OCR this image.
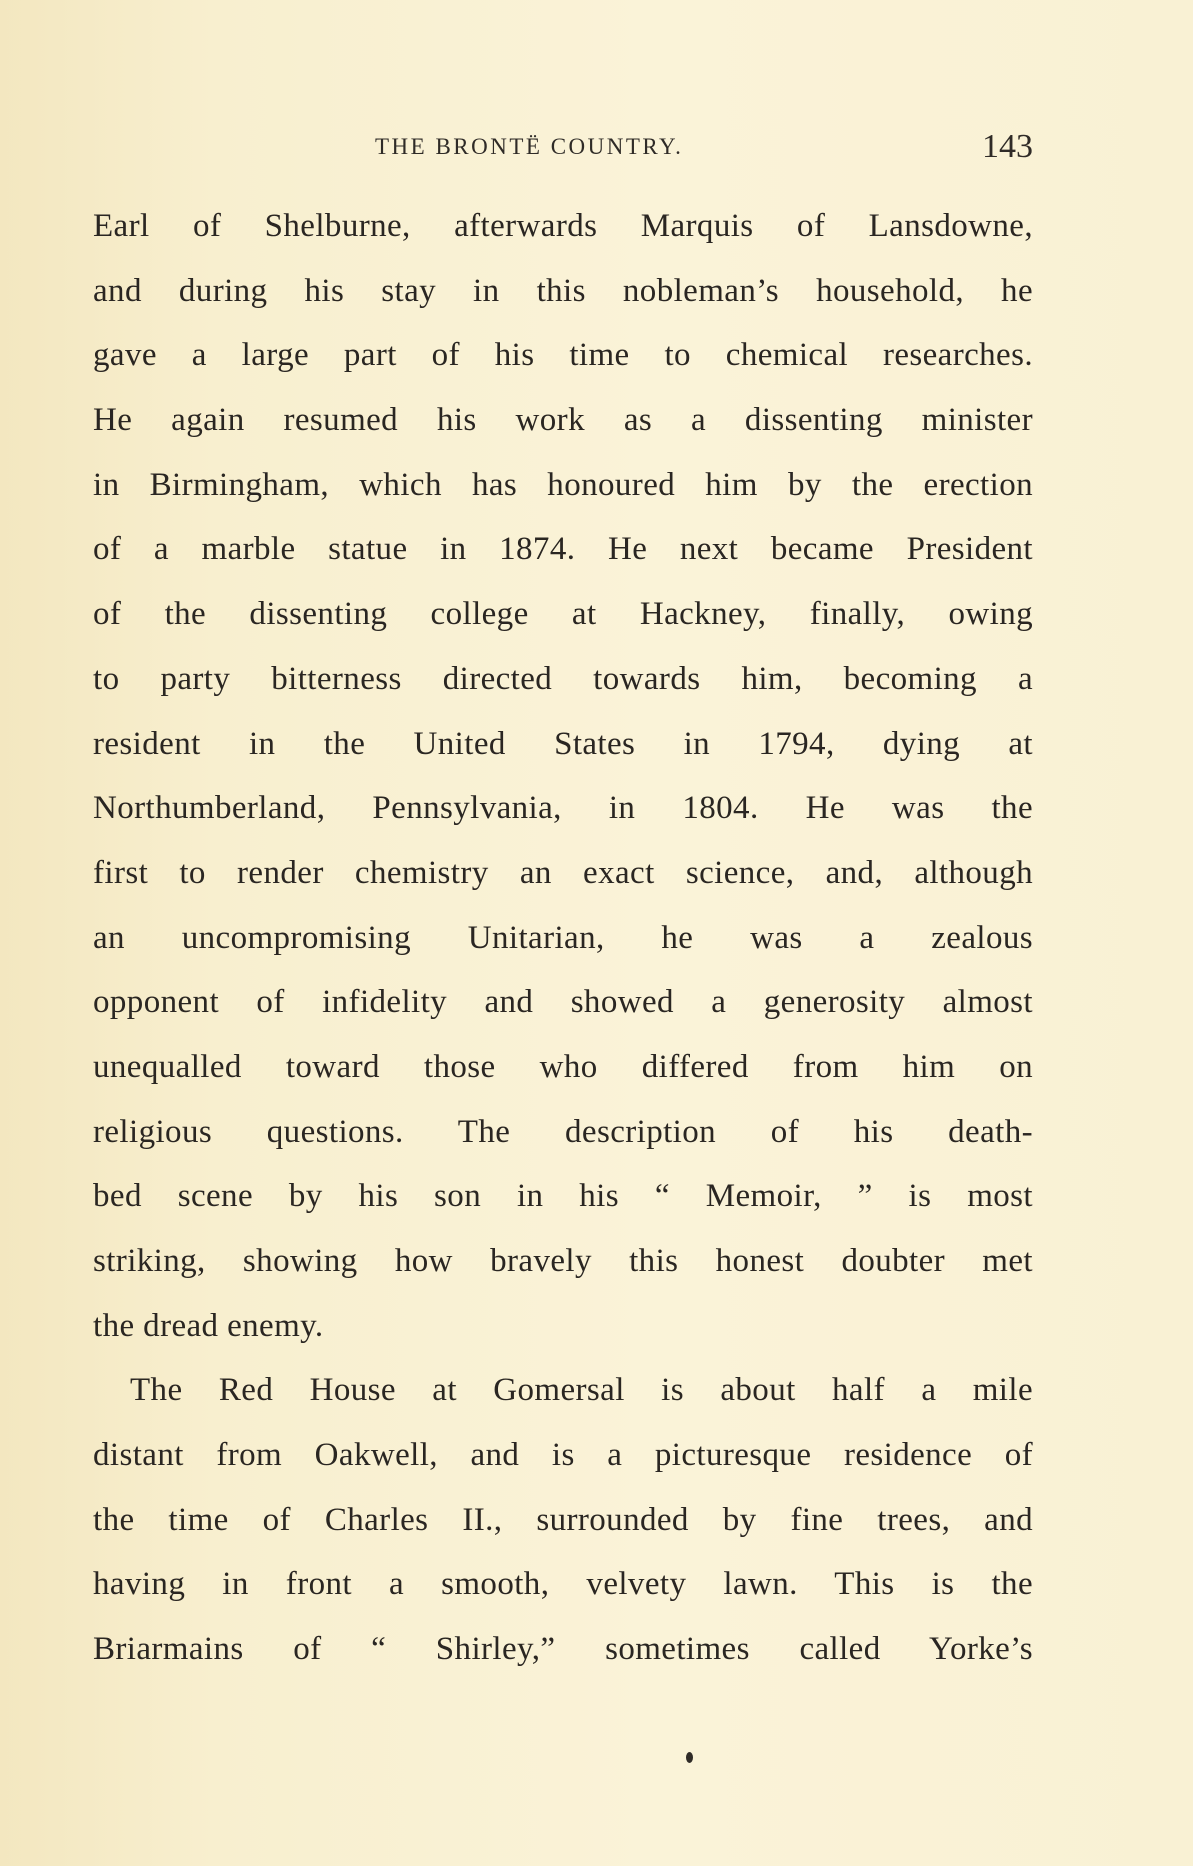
THE BRONTË COUNTRY.	143
Earl of Shelburne, afterwards Marquis of Lansdowne,
and during his stay in this nobleman’s household, he
gave a large part of his time to chemical researches.
He again resumed his work as a dissenting minister
in Birmingham, which has honoured him by the erection
of a marble statue in 1874. He next became President
of the dissenting college at Hackney, finally, owing
to party bitterness directed towards him, becoming a
resident in the United States in 1794, dying at
Northumberland, Pennsylvania, in 1804. He was the
first to render chemistry an exact science, and, although
an uncompromising Unitarian, he was a zealous
opponent of infidelity and showed a generosity almost
unequalled toward those who differed from him on
religious questions. The description of his death-
bed scene by his son in his “ Memoir, ” is most
striking, showing how bravely this honest doubter met
the dread enemy.
The Red House at Gomersal is about half a mile
distant from Oakwell, and is a picturesque residence of
the time of Charles II., surrounded by fine trees, and
having in front a smooth, velvety lawn. This is the
Briarmains of “ Shirley,” sometimes called Yorke’s
